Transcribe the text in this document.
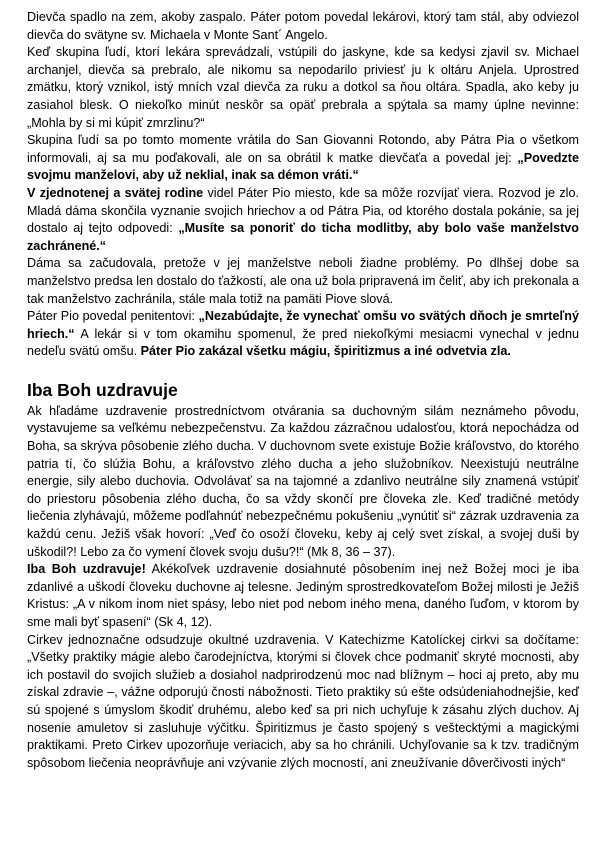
Dievča spadlo na zem, akoby zaspalo. Páter potom povedal lekárovi, ktorý tam stál, aby odviezol dievča do svätyne sv. Michaela v Monte Sant´ Angelo.

Keď skupina ľudí, ktorí lekára sprevádzali, vstúpili do jaskyne, kde sa kedysi zjavil sv. Michael archanjel, dievča sa prebralo, ale nikomu sa nepodarilo priviesť ju k oltáru Anjela. Uprostred zmätku, ktorý vznikol, istý mních vzal dievča za ruku a dotkol sa ňou oltára. Spadla, ako keby ju zasiahol blesk. O niekoľko minút neskôr sa opäť prebrala a spýtala sa mamy úplne nevinne: „Mohla by si mi kúpiť zmrzlinu?“

Skupina ľudí sa po tomto momente vrátila do San Giovanni Rotondo, aby Pátra Pia o všetkom informovali, aj sa mu poďakovali, ale on sa obrátil k matke dievčaťa a povedal jej: „Povedzte svojmu manželovi, aby už neklial, inak sa démon vráti.“

V zjednotenej a svätej rodine videl Páter Pio miesto, kde sa môže rozvíjať viera. Rozvod je zlo. Mladá dáma skončila vyznanie svojich hriechov a od Pátra Pia, od ktorého dostala pokánie, sa jej dostalo aj tejto odpovedi: „Musíte sa ponoriť do ticha modlitby, aby bolo vaše manželstvo zachránené.“

Dáma sa začudovala, pretože v jej manželstve neboli žiadne problémy. Po dlhšej dobe sa manželstvo predsa len dostalo do ťažkostí, ale ona už bola pripravená im čeliť, aby ich prekonala a tak manželstvo zachránila, stále mala totiž na pamäti Piove slová.

Páter Pio povedal penitentovi: „Nezabúdajte, že vynechať omšu vo svätých dňoch je smrteľný hriech.“ A lekár si v tom okamihu spomenul, že pred niekoľkými mesiacmi vynechal v jednu nedeľu svätú omšu. Páter Pio zakázal všetku mágiu, špiritizmus a iné odvetvia zla.

Iba Boh uzdravuje

Ak hľadáme uzdravenie prostredníctvom otvárania sa duchovným silám neznámeho pôvodu, vystavujeme sa veľkému nebezpečenstvu. Za každou zázračnou udalosťou, ktorá nepochádza od Boha, sa skrýva pôsobenie zlého ducha. V duchovnom svete existuje Božie kráľovstvo, do ktorého patria tí, čo slúžia Bohu, a kráľovstvo zlého ducha a jeho služobníkov. Neexistujú neutrálne energie, sily alebo duchovia. Odvolávať sa na tajomné a zdanlivo neutrálne sily znamená vstúpiť do priestoru pôsobenia zlého ducha, čo sa vždy skončí pre človeka zle. Keď tradičné metódy liečenia zlyhávajú, môžeme podľahnúť nebezpečnému pokušeniu „vynútiť si“ zázrak uzdravenia za každú cenu. Ježiš však hovorí: „Veď čo osoží človeku, keby aj celý svet získal, a svojej duši by uškodil?! Lebo za čo vymení človek svoju dušu?!“ (Mk 8, 36 – 37).

Iba Boh uzdravuje! Akékoľvek uzdravenie dosiahnuté pôsobením inej než Božej moci je iba zdanlivé a uškodí človeku duchovne aj telesne. Jediným sprostredkovateľom Božej milosti je Ježiš Kristus: „A v nikom inom niet spásy, lebo niet pod nebom iného mena, daného ľuďom, v ktorom by sme mali byť spasení“ (Sk 4, 12).

Cirkev jednoznačne odsudzuje okultné uzdravenia. V Katechizme Katolíckej cirkvi sa dočítame: „Všetky praktiky mágie alebo čarodejníctva, ktorými si človek chce podmaniť skryté mocnosti, aby ich postavil do svojich služieb a dosiahol nadprirodzenú moc nad blížnym – hoci aj preto, aby mu získal zdravie –, vážne odporujú čnosti nábožnosti. Tieto praktiky sú ešte odsúdeniahodnejšie, keď sú spojené s úmyslom škodiť druhému, alebo keď sa pri nich uchyľuje k zásahu zlých duchov. Aj nosenie amuletov si zasluhuje výčitku. Špiritizmus je často spojený s veštecktými a magickými praktikami. Preto Cirkev upozorňuje veriacich, aby sa ho chránili. Uchyľovanie sa k tzv. tradičným spôsobom liečenia neoprávňuje ani vzývanie zlých mocností, ani zneužívanie dôverčivosti iných“
